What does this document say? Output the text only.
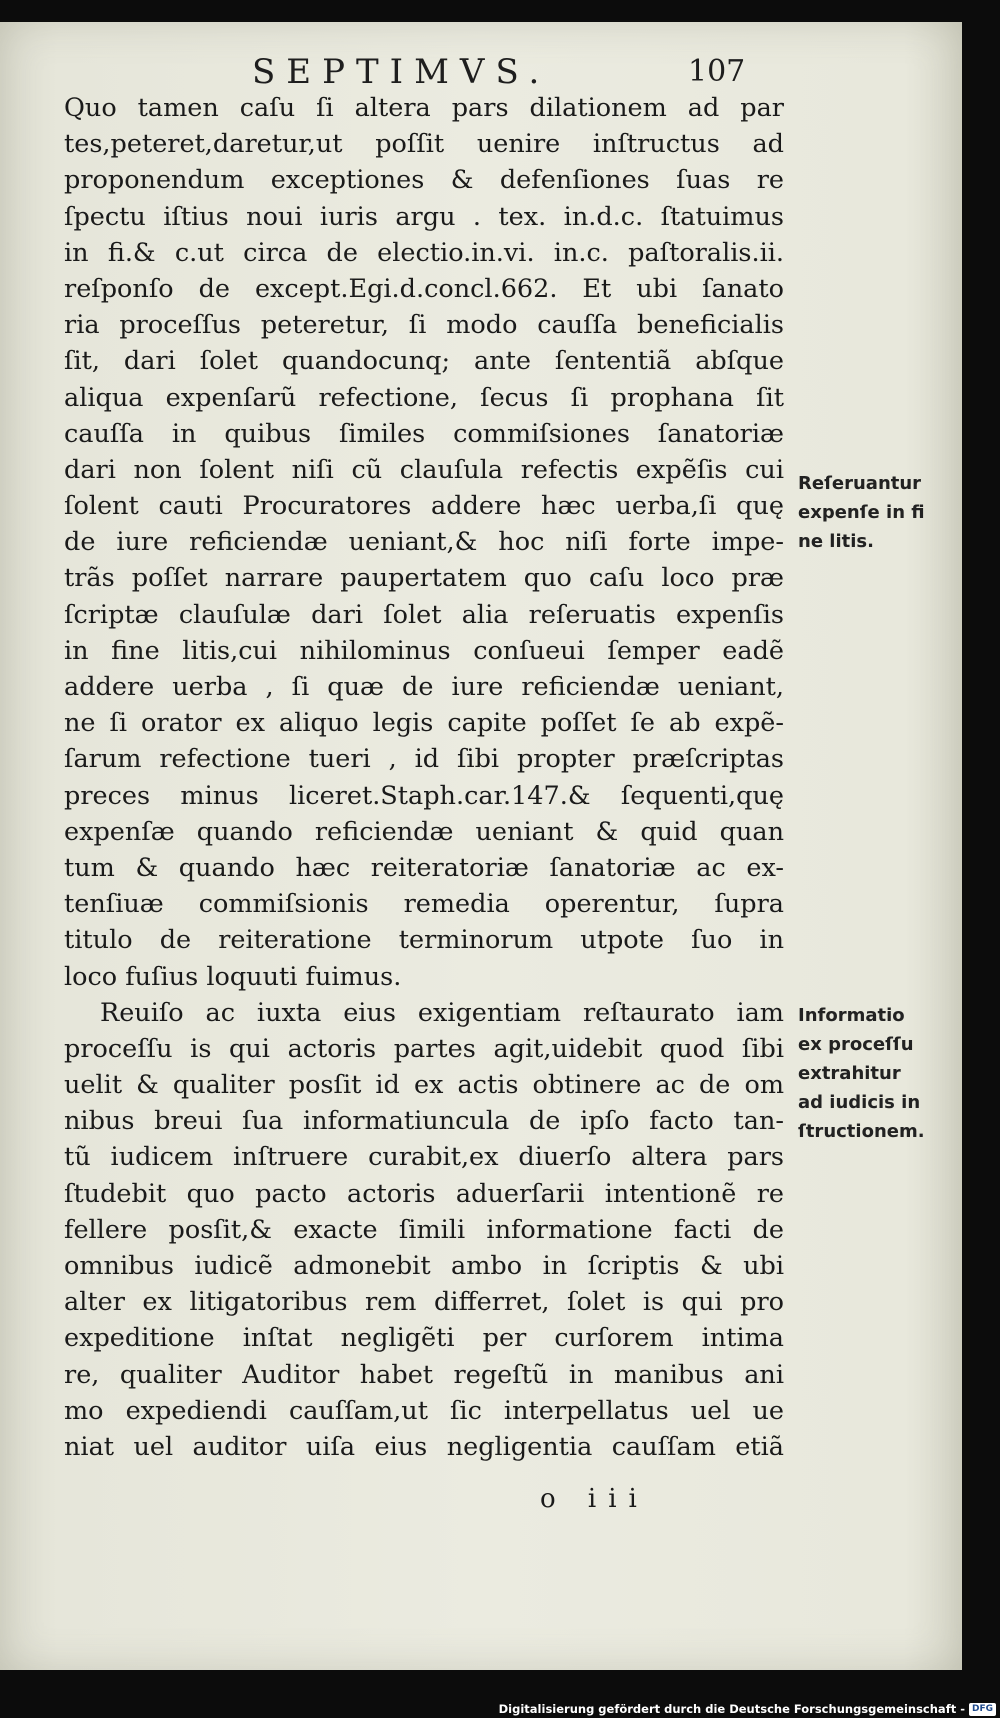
SEPTIMVS.	107
Quo tamen caſu ſi altera pars dilationem ad par
tes,peteret,daretur,ut poſſit uenire inſtructus ad
proponendum exceptiones & defenſiones ſuas re
ſpectu iſtius noui iuris argu . tex. in.d.c. ſtatuimus
in fi.& c.ut circa de electio.in.vi. in.c. paſtoralis.ii.
reſponſo de except.Egi.d.concl.662. Et ubi ſanato
ria proceſſus peteretur, ſi modo cauſſa beneficialis
ſit, dari ſolet quandocunq; ante ſententiã abſque
aliqua expenſarũ refectione, ſecus ſi prophana ſit
cauſſa in quibus ſimiles commiſsiones ſanatoriæ
dari non ſolent niſi cũ clauſula refectis expẽſis cui
ſolent cauti Procuratores addere hæc uerba,ſi quę
de iure reficiendæ ueniant,& hoc niſi forte impe-
trãs poſſet narrare paupertatem quo caſu loco præ
ſcriptæ clauſulæ dari ſolet alia reſeruatis expenſis
in fine litis,cui nihilominus conſueui ſemper eadẽ
addere uerba , ſi quæ de iure reficiendæ ueniant,
ne ſi orator ex aliquo legis capite poſſet ſe ab expẽ-
ſarum refectione tueri , id ſibi propter præſcriptas
preces minus liceret.Staph.car.147.& ſequenti,quę
expenſæ quando reficiendæ ueniant & quid quan
tum & quando hæc reiteratoriæ ſanatoriæ ac ex-
tenſiuæ commiſsionis remedia operentur, ſupra
titulo de reiteratione terminorum utpote ſuo in
loco fuſius loquuti fuimus.
Reuiſo ac iuxta eius exigentiam reſtaurato iam
proceſſu is qui actoris partes agit,uidebit quod ſibi
uelit & qualiter posſit id ex actis obtinere ac de om
nibus breui ſua informatiuncula de ipſo facto tan-
tũ iudicem inſtruere curabit,ex diuerſo altera pars
ſtudebit quo pacto actoris aduerſarii intentionẽ re
fellere posſit,& exacte ſimili informatione facti de
omnibus iudicẽ admonebit ambo in ſcriptis & ubi
alter ex litigatoribus rem differret, ſolet is qui pro
expeditione inſtat negligẽti per curſorem intima
re, qualiter Auditor habet regeſtũ in manibus ani
mo expediendi cauſſam,ut ſic interpellatus uel ue
niat uel auditor uiſa eius negligentia cauſſam etiã
Reſeruantur
expenſe in fi
ne litis.
Informatio
ex proceſſu
extrahitur
ad iudicis in
ſtructionem.
o iii
Digitalisierung gefördert durch die Deutsche Forschungsgemeinschaft - DFG
